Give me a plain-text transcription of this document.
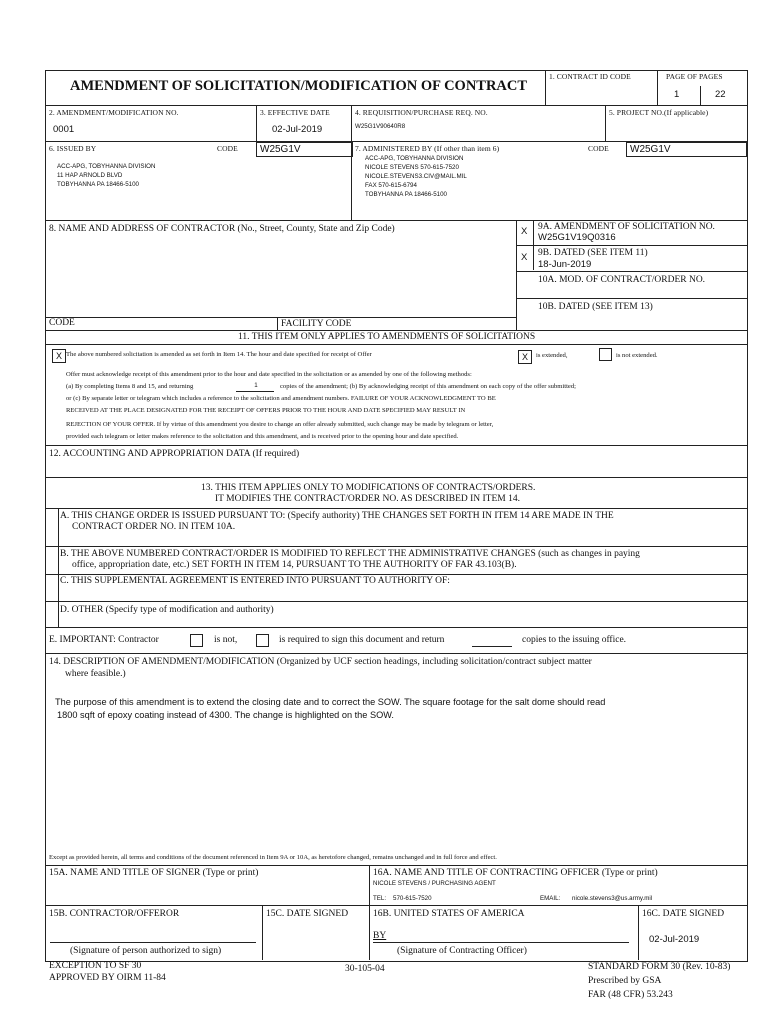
AMENDMENT OF SOLICITATION/MODIFICATION OF CONTRACT
1. CONTRACT ID CODE	PAGE OF PAGES
1	22
2. AMENDMENT/MODIFICATION NO.
0001
3. EFFECTIVE DATE
02-Jul-2019
4. REQUISITION/PURCHASE REQ. NO.
W25G1V90640R8
5. PROJECT NO.(If applicable)
6. ISSUED BY	CODE	W25G1V
ACC-APG, TOBYHANNA DIVISION
11 HAP ARNOLD BLVD
TOBYHANNA PA 18466-5100
7. ADMINISTERED BY (If other than item 6)	CODE	W25G1V
ACC-APG, TOBYHANNA DIVISION
NICOLE STEVENS 570-615-7520
NICOLE.STEVENS3.CIV@MAIL.MIL
FAX 570-615-6794
TOBYHANNA PA 18466-5100
8. NAME AND ADDRESS OF CONTRACTOR (No., Street, County, State and Zip Code)	X 9A. AMENDMENT OF SOLICITATION NO.
W25G1V19Q0316
X 9B. DATED (SEE ITEM 11)
18-Jun-2019
10A. MOD. OF CONTRACT/ORDER NO.
10B. DATED (SEE ITEM 13)
CODE	FACILITY CODE
11. THIS ITEM ONLY APPLIES TO AMENDMENTS OF SOLICITATIONS
X The above numbered solicitation is amended as set forth in Item 14. The hour and date specified for receipt of Offer	X	is extended,	is not extended.
Offer must acknowledge receipt of this amendment prior to the hour and date specified in the solicitation or as amended by one of the following methods:
(a) By completing Items 8 and 15, and returning	1	copies of the amendment; (b) By acknowledging receipt of this amendment on each copy of the offer submitted;
or (c) By separate letter or telegram which includes a reference to the solicitation and amendment numbers. FAILURE OF YOUR ACKNOWLEDGMENT TO BE
RECEIVED AT THE PLACE DESIGNATED FOR THE RECEIPT OF OFFERS PRIOR TO THE HOUR AND DATE SPECIFIED MAY RESULT IN
REJECTION OF YOUR OFFER. If by virtue of this amendment you desire to change an offer already submitted, such change may be made by telegram or letter,
provided each telegram or letter makes reference to the solicitation and this amendment, and is received prior to the opening hour and date specified.
12. ACCOUNTING AND APPROPRIATION DATA (If required)
13. THIS ITEM APPLIES ONLY TO MODIFICATIONS OF CONTRACTS/ORDERS.
IT MODIFIES THE CONTRACT/ORDER NO. AS DESCRIBED IN ITEM 14.
A. THIS CHANGE ORDER IS ISSUED PURSUANT TO: (Specify authority) THE CHANGES SET FORTH IN ITEM 14 ARE MADE IN THE
CONTRACT ORDER NO. IN ITEM 10A.
B. THE ABOVE NUMBERED CONTRACT/ORDER IS MODIFIED TO REFLECT THE ADMINISTRATIVE CHANGES (such as changes in paying
office, appropriation date, etc.) SET FORTH IN ITEM 14, PURSUANT TO THE AUTHORITY OF FAR 43.103(B).
C. THIS SUPPLEMENTAL AGREEMENT IS ENTERED INTO PURSUANT TO AUTHORITY OF:
D. OTHER (Specify type of modification and authority)
E. IMPORTANT: Contractor	is not,	is required to sign this document and return	copies to the issuing office.
14. DESCRIPTION OF AMENDMENT/MODIFICATION (Organized by UCF section headings, including solicitation/contract subject matter
where feasible.)
The purpose of this amendment is to extend the closing date and to correct the SOW. The square footage for the salt dome should read
1800 sqft of epoxy coating instead of 4300. The change is highlighted on the SOW.
Except as provided herein, all terms and conditions of the document referenced in Item 9A or 10A, as heretofore changed, remains unchanged and in full force and effect.
15A. NAME AND TITLE OF SIGNER (Type or print)	16A. NAME AND TITLE OF CONTRACTING OFFICER (Type or print)
NICOLE STEVENS / PURCHASING AGENT
TEL: 570-615-7520	EMAIL: nicole.stevens3@us.army.mil
15B. CONTRACTOR/OFFEROR	15C. DATE SIGNED	16B. UNITED STATES OF AMERICA	16C. DATE SIGNED
BY	02-Jul-2019
(Signature of person authorized to sign)	(Signature of Contracting Officer)
EXCEPTION TO SF 30
APPROVED BY OIRM 11-84
30-105-04	STANDARD FORM 30 (Rev. 10-83)
Prescribed by GSA
FAR (48 CFR) 53.243
